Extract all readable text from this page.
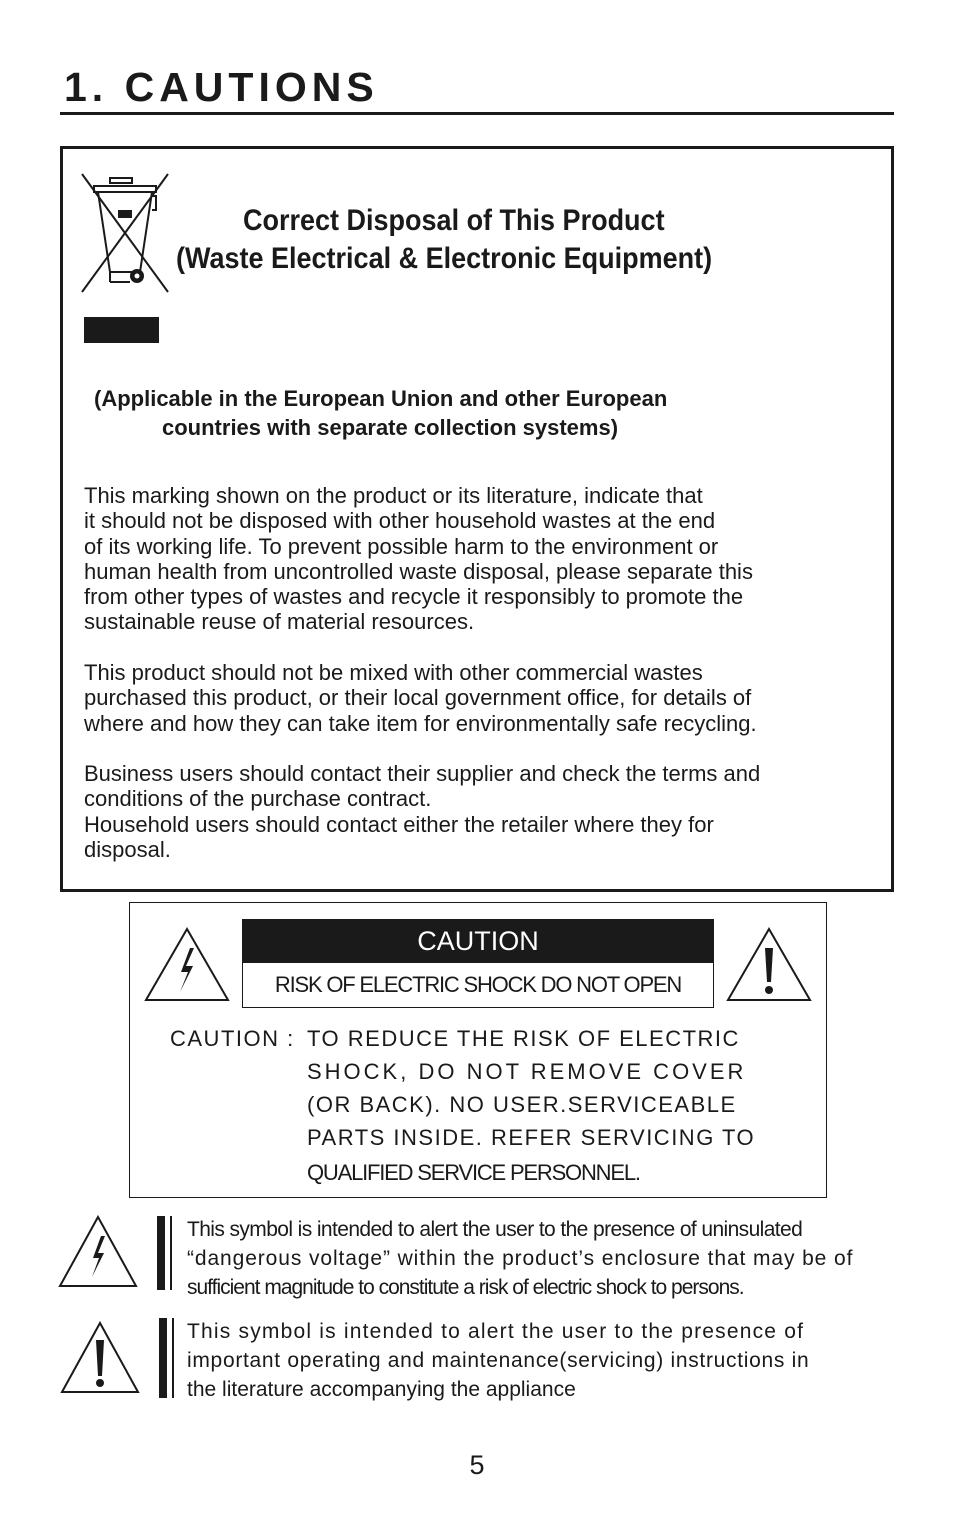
1. CAUTIONS
Correct Disposal of This Product
(Waste Electrical & Electronic Equipment)
(Applicable in the European Union and other European
countries with separate collection systems)
This marking shown on the product or its literature, indicate that
it should not be disposed with other household wastes at the end
of its working life. To prevent possible harm to the environment or
human health from uncontrolled waste disposal, please separate this
from other types of wastes and recycle it responsibly to promote the
sustainable reuse of material resources.
This product should not be mixed with other commercial wastes
purchased this product, or their local government office, for details of
where and how they can take item for environmentally safe recycling.
Business users should contact their supplier and check the terms and
conditions of the purchase contract.
Household users should contact either the retailer where they for
disposal.
CAUTION
RISK OF ELECTRIC SHOCK DO NOT OPEN
CAUTION : TO REDUCE THE RISK OF ELECTRIC
SHOCK, DO NOT REMOVE COVER
(OR BACK). NO USER.SERVICEABLE
PARTS INSIDE. REFER SERVICING TO
QUALIFIED SERVICE PERSONNEL.
This symbol is intended to alert the user to the presence of uninsulated
“dangerous voltage” within the product’s enclosure that may be of
sufficient magnitude to constitute a risk of electric shock to persons.
This symbol is intended to alert the user to the presence of
important operating and maintenance(servicing) instructions in
the literature accompanying the appliance
5
